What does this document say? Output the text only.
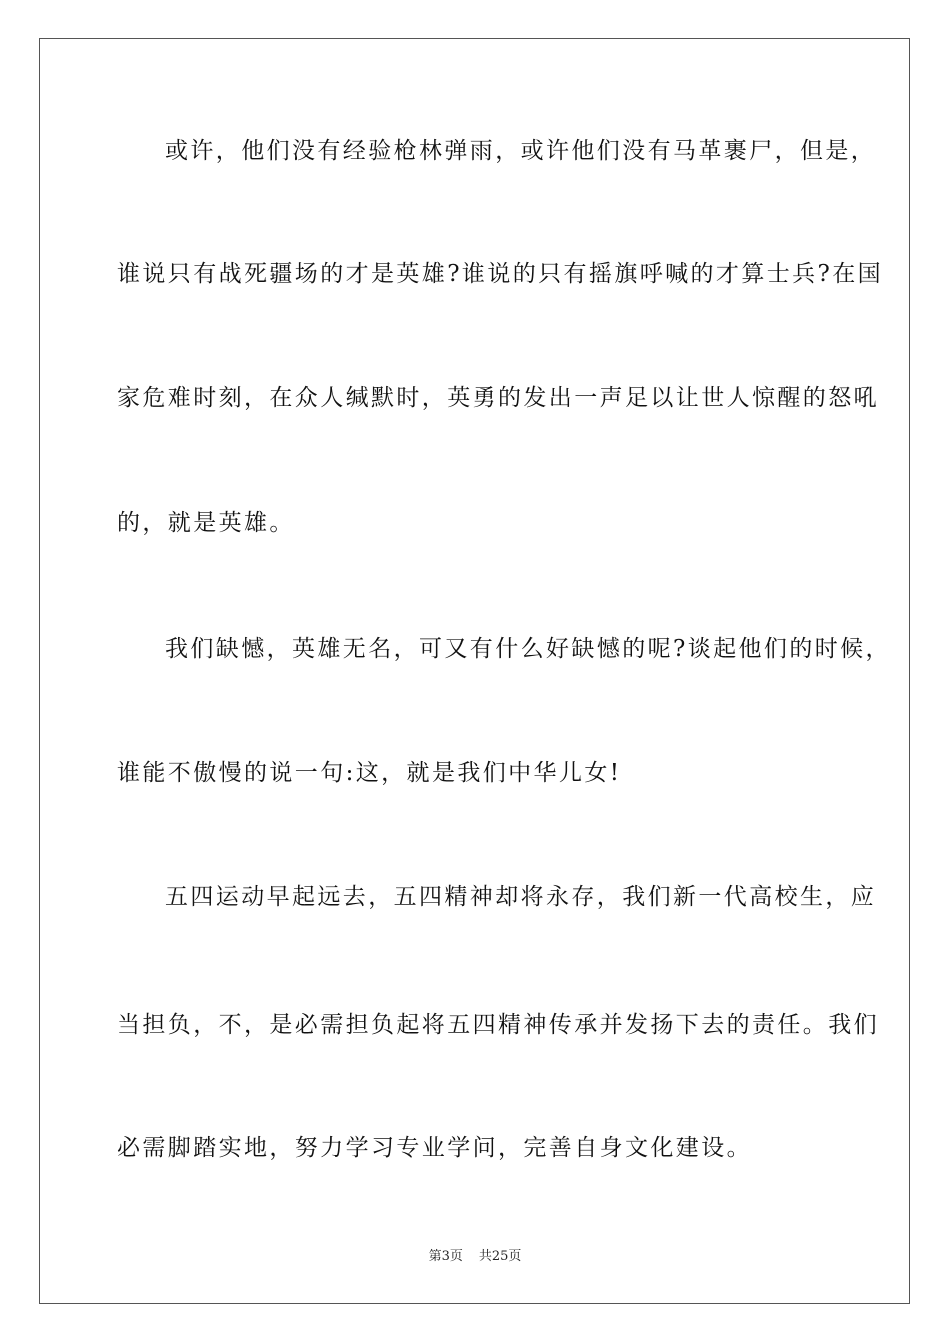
或许，他们没有经验枪林弹雨，或许他们没有马革裹尸，但是，
谁说只有战死疆场的才是英雄?谁说的只有摇旗呼喊的才算士兵?在国
家危难时刻，在众人缄默时，英勇的发出一声足以让世人惊醒的怒吼
的，就是英雄。
我们缺憾，英雄无名，可又有什么好缺憾的呢?谈起他们的时候，
谁能不傲慢的说一句:这，就是我们中华儿女!
五四运动早起远去，五四精神却将永存，我们新一代高校生，应
当担负，不，是必需担负起将五四精神传承并发扬下去的责任。我们
必需脚踏实地，努力学习专业学问，完善自身文化建设。
第3页 共25页
